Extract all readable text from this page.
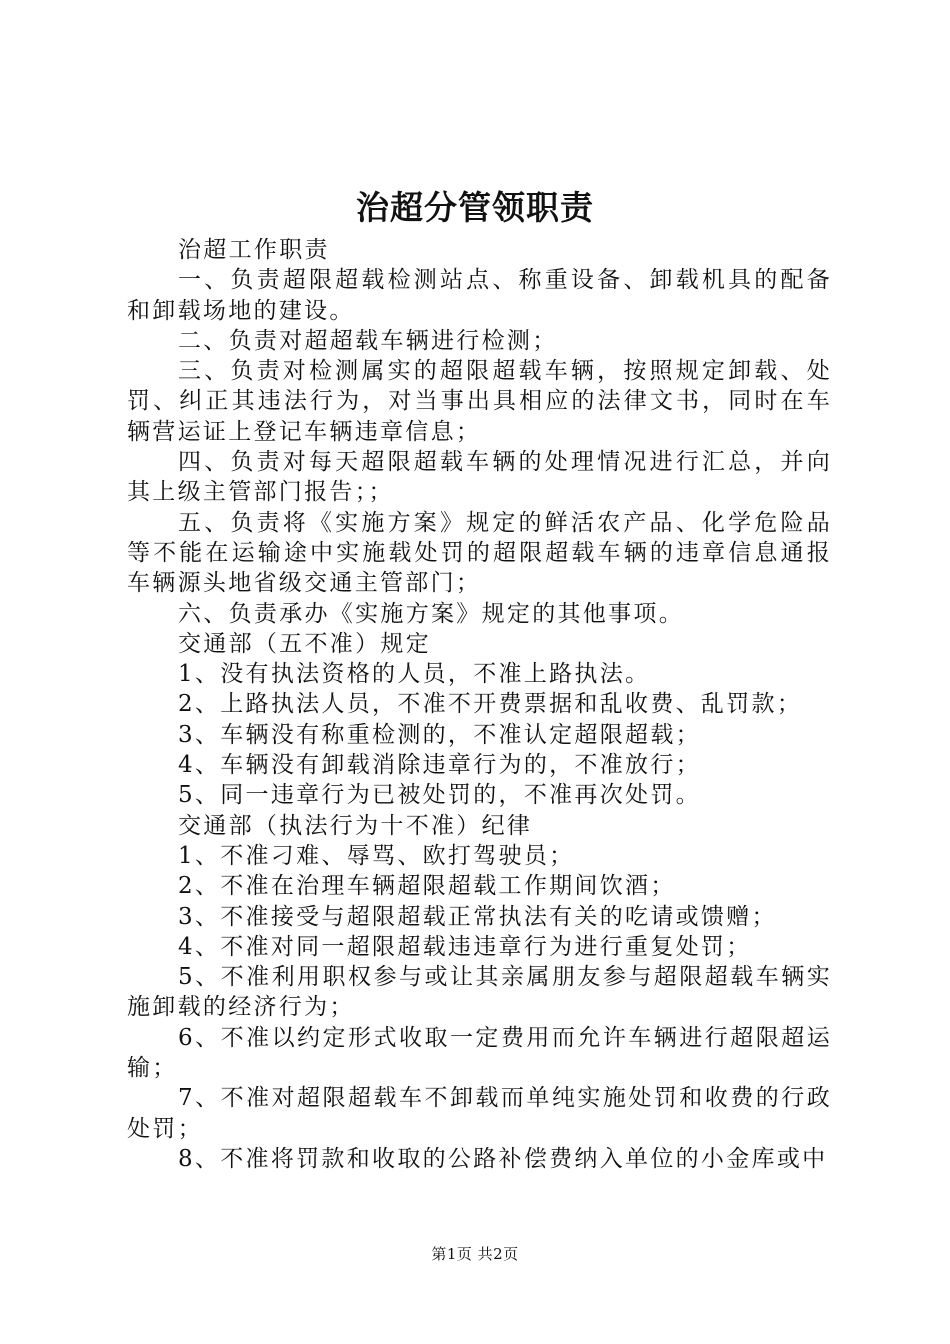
治超分管领职责

治超工作职责

一、负责超限超载检测站点、称重设备、卸载机具的配备和卸载场地的建设。

二、负责对超超载车辆进行检测；

三、负责对检测属实的超限超载车辆，按照规定卸载、处罚、纠正其违法行为，对当事出具相应的法律文书，同时在车辆营运证上登记车辆违章信息；

四、负责对每天超限超载车辆的处理情况进行汇总，并向其上级主管部门报告；；

五、负责将《实施方案》规定的鲜活农产品、化学危险品等不能在运输途中实施载处罚的超限超载车辆的违章信息通报车辆源头地省级交通主管部门；

六、负责承办《实施方案》规定的其他事项。

交通部（五不准）规定

1、没有执法资格的人员，不准上路执法。

2、上路执法人员，不准不开费票据和乱收费、乱罚款；

3、车辆没有称重检测的，不准认定超限超载；

4、车辆没有卸载消除违章行为的，不准放行；

5、同一违章行为已被处罚的，不准再次处罚。

交通部（执法行为十不准）纪律

1、不准刁难、辱骂、欧打驾驶员；

2、不准在治理车辆超限超载工作期间饮酒；

3、不准接受与超限超载正常执法有关的吃请或馈赠；

4、不准对同一超限超载违违章行为进行重复处罚；

5、不准利用职权参与或让其亲属朋友参与超限超载车辆实施卸载的经济行为；

6、不准以约定形式收取一定费用而允许车辆进行超限超运输；

7、不准对超限超载车不卸载而单纯实施处罚和收费的行政处罚；

8、不准将罚款和收取的公路补偿费纳入单位的小金库或中

第1页 共2页
